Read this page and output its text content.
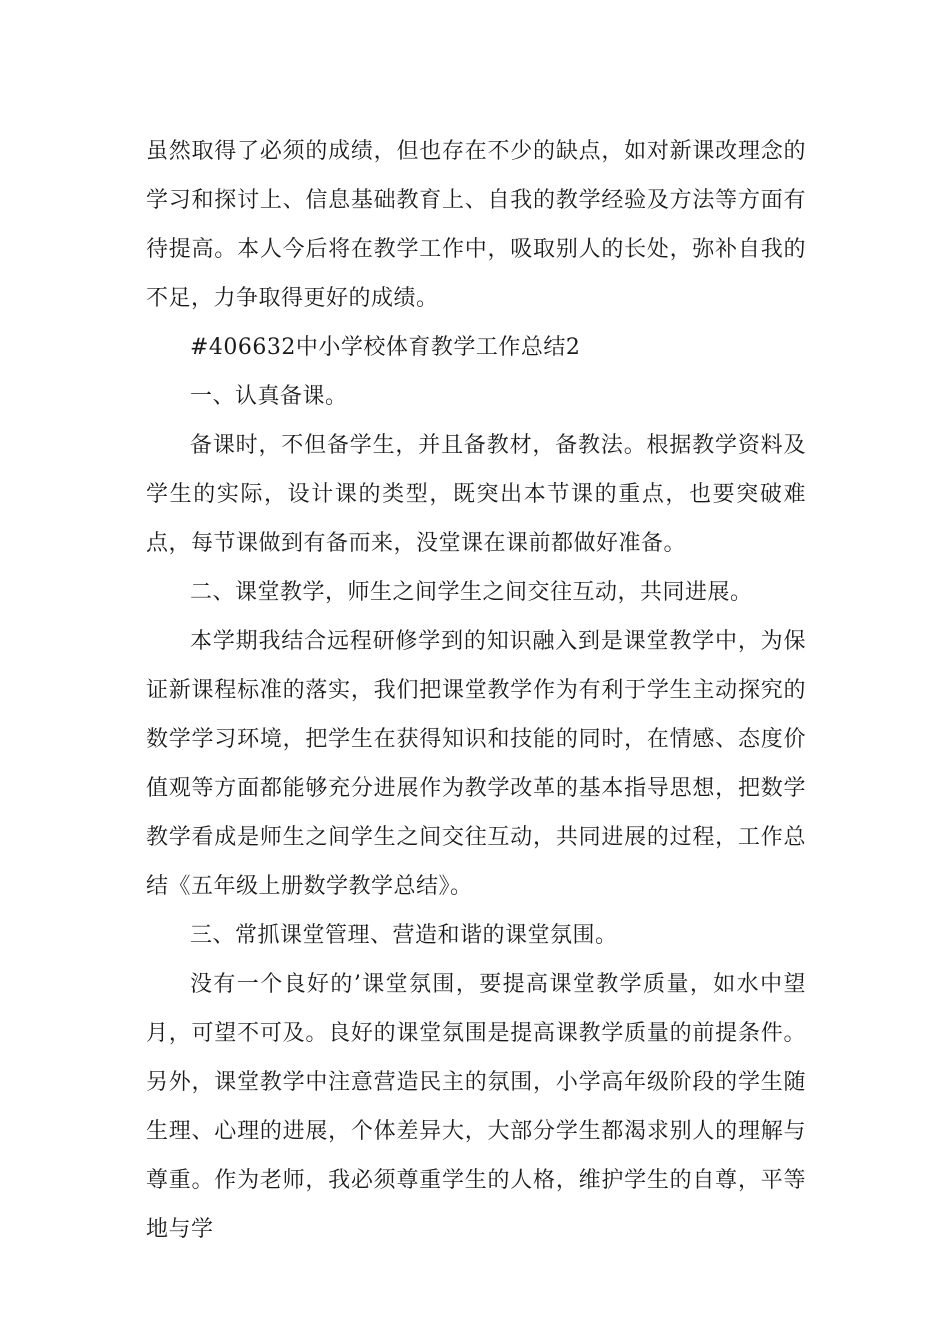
虽然取得了必须的成绩，但也存在不少的缺点，如对新课改理念的学习和探讨上、信息基础教育上、自我的教学经验及方法等方面有待提高。本人今后将在教学工作中，吸取别人的长处，弥补自我的不足，力争取得更好的成绩。

#406632中小学校体育教学工作总结2

一、认真备课。

备课时，不但备学生，并且备教材，备教法。根据教学资料及学生的实际，设计课的类型，既突出本节课的重点，也要突破难点，每节课做到有备而来，没堂课在课前都做好准备。

二、课堂教学，师生之间学生之间交往互动，共同进展。

本学期我结合远程研修学到的知识融入到是课堂教学中，为保证新课程标准的落实，我们把课堂教学作为有利于学生主动探究的数学学习环境，把学生在获得知识和技能的同时，在情感、态度价值观等方面都能够充分进展作为教学改革的基本指导思想，把数学教学看成是师生之间学生之间交往互动，共同进展的过程，工作总结《五年级上册数学教学总结》。

三、常抓课堂管理、营造和谐的课堂氛围。

没有一个良好的’课堂氛围，要提高课堂教学质量，如水中望月，可望不可及。良好的课堂氛围是提高课教学质量的前提条件。另外，课堂教学中注意营造民主的氛围，小学高年级阶段的学生随生理、心理的进展，个体差异大，大部分学生都渴求别人的理解与尊重。作为老师，我必须尊重学生的人格，维护学生的自尊，平等地与学
